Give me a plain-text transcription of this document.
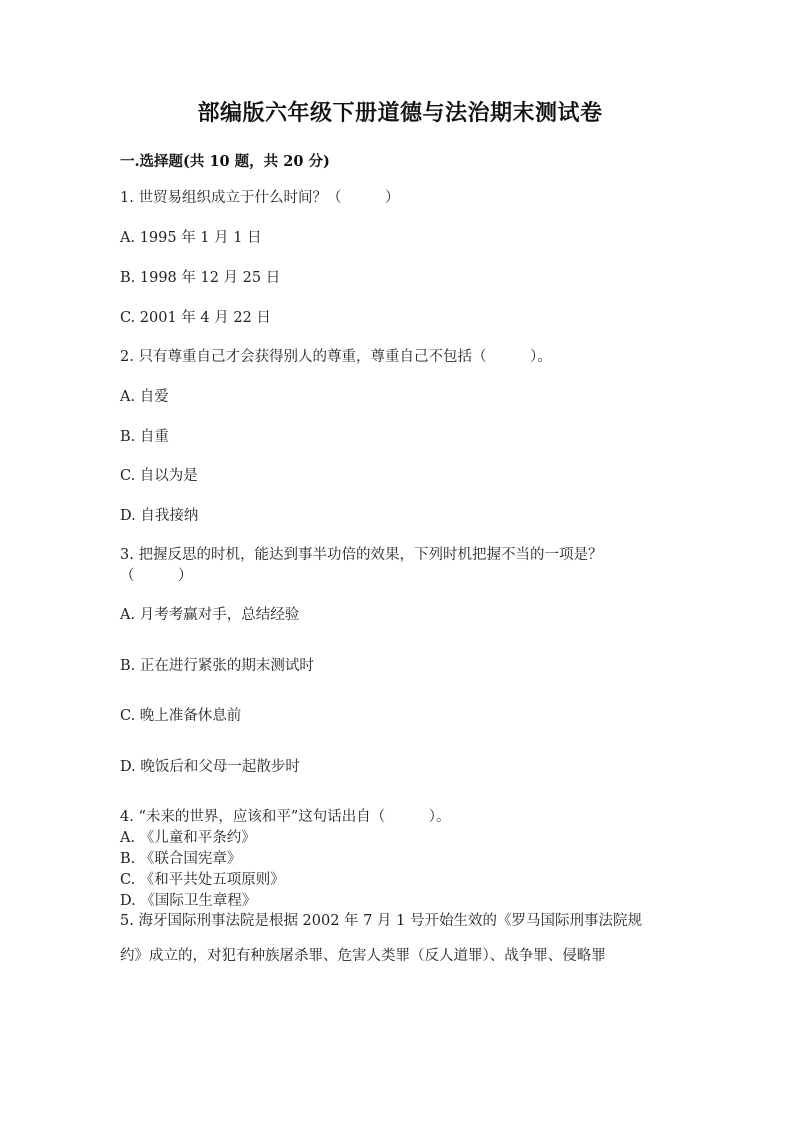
部编版六年级下册道德与法治期末测试卷
一.选择题(共 10 题，共 20 分)
1. 世贸易组织成立于什么时间？（　　　）
A. 1995 年 1 月 1 日
B. 1998 年 12 月 25 日
C. 2001 年 4 月 22 日
2. 只有尊重自己才会获得别人的尊重，尊重自己不包括（　　　）。
A. 自爱
B. 自重
C. 自以为是
D. 自我接纳
3. 把握反思的时机，能达到事半功倍的效果，下列时机把握不当的一项是？
（　　　）
A. 月考考赢对手，总结经验
B. 正在进行紧张的期末测试时
C. 晚上准备休息前
D. 晚饭后和父母一起散步时
4. “未来的世界，应该和平”这句话出自（　　　）。
A. 《儿童和平条约》
B. 《联合国宪章》
C. 《和平共处五项原则》
D. 《国际卫生章程》
5. 海牙国际刑事法院是根据 2002 年 7 月 1 号开始生效的《罗马国际刑事法院规
约》成立的，对犯有种族屠杀罪、危害人类罪（反人道罪）、战争罪、侵略罪
